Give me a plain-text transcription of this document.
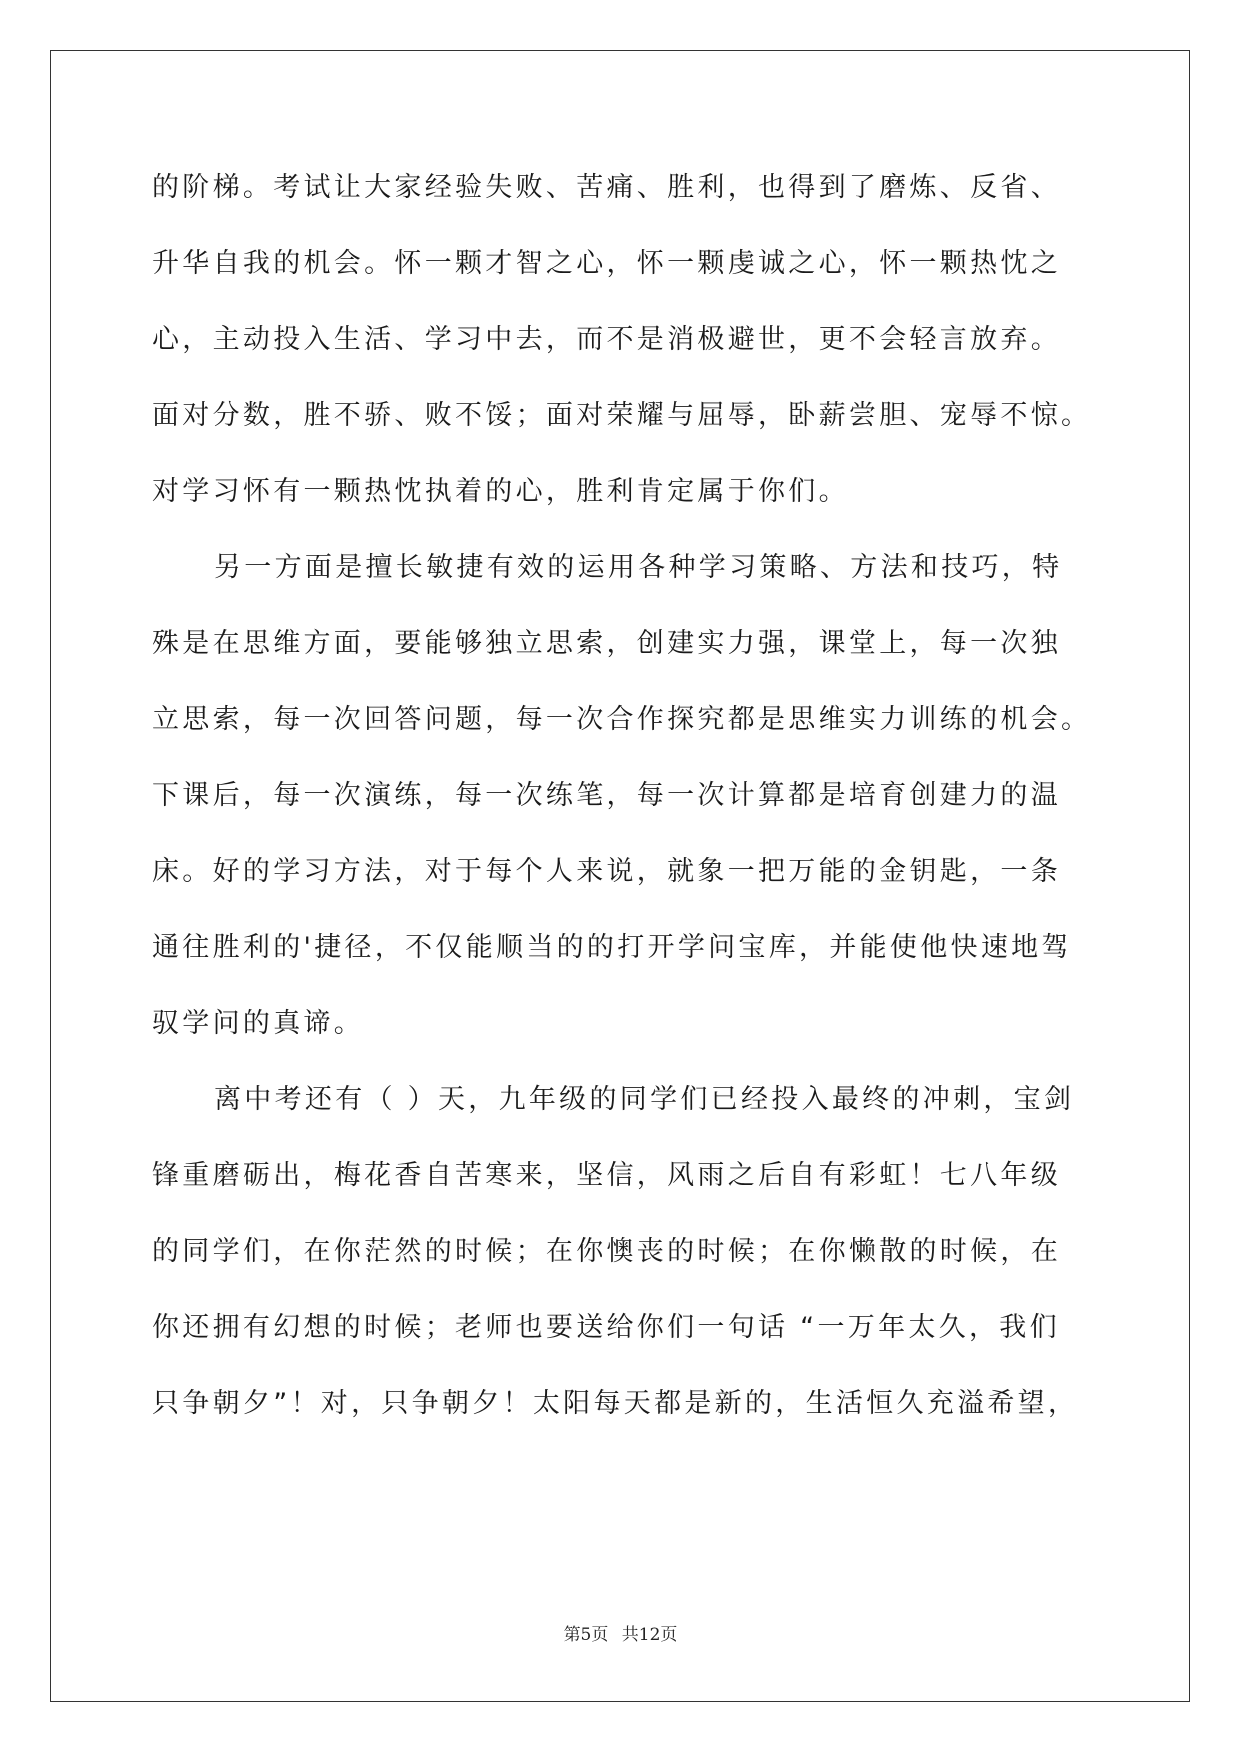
的阶梯。考试让大家经验失败、苦痛、胜利，也得到了磨炼、反省、
升华自我的机会。怀一颗才智之心，怀一颗虔诚之心，怀一颗热忱之
心，主动投入生活、学习中去，而不是消极避世，更不会轻言放弃。
面对分数，胜不骄、败不馁；面对荣耀与屈辱，卧薪尝胆、宠辱不惊。
对学习怀有一颗热忱执着的心，胜利肯定属于你们。
另一方面是擅长敏捷有效的运用各种学习策略、方法和技巧，特
殊是在思维方面，要能够独立思索，创建实力强，课堂上，每一次独
立思索，每一次回答问题，每一次合作探究都是思维实力训练的机会。
下课后，每一次演练，每一次练笔，每一次计算都是培育创建力的温
床。好的学习方法，对于每个人来说，就象一把万能的金钥匙，一条
通往胜利的'捷径，不仅能顺当的的打开学问宝库，并能使他快速地驾
驭学问的真谛。
离中考还有（ ）天，九年级的同学们已经投入最终的冲刺，宝剑
锋重磨砺出，梅花香自苦寒来，坚信，风雨之后自有彩虹！七八年级
的同学们，在你茫然的时候；在你懊丧的时候；在你懒散的时候，在
你还拥有幻想的时候；老师也要送给你们一句话 “一万年太久，我们
只争朝夕”！对，只争朝夕！太阳每天都是新的，生活恒久充溢希望，
第5页 共12页
